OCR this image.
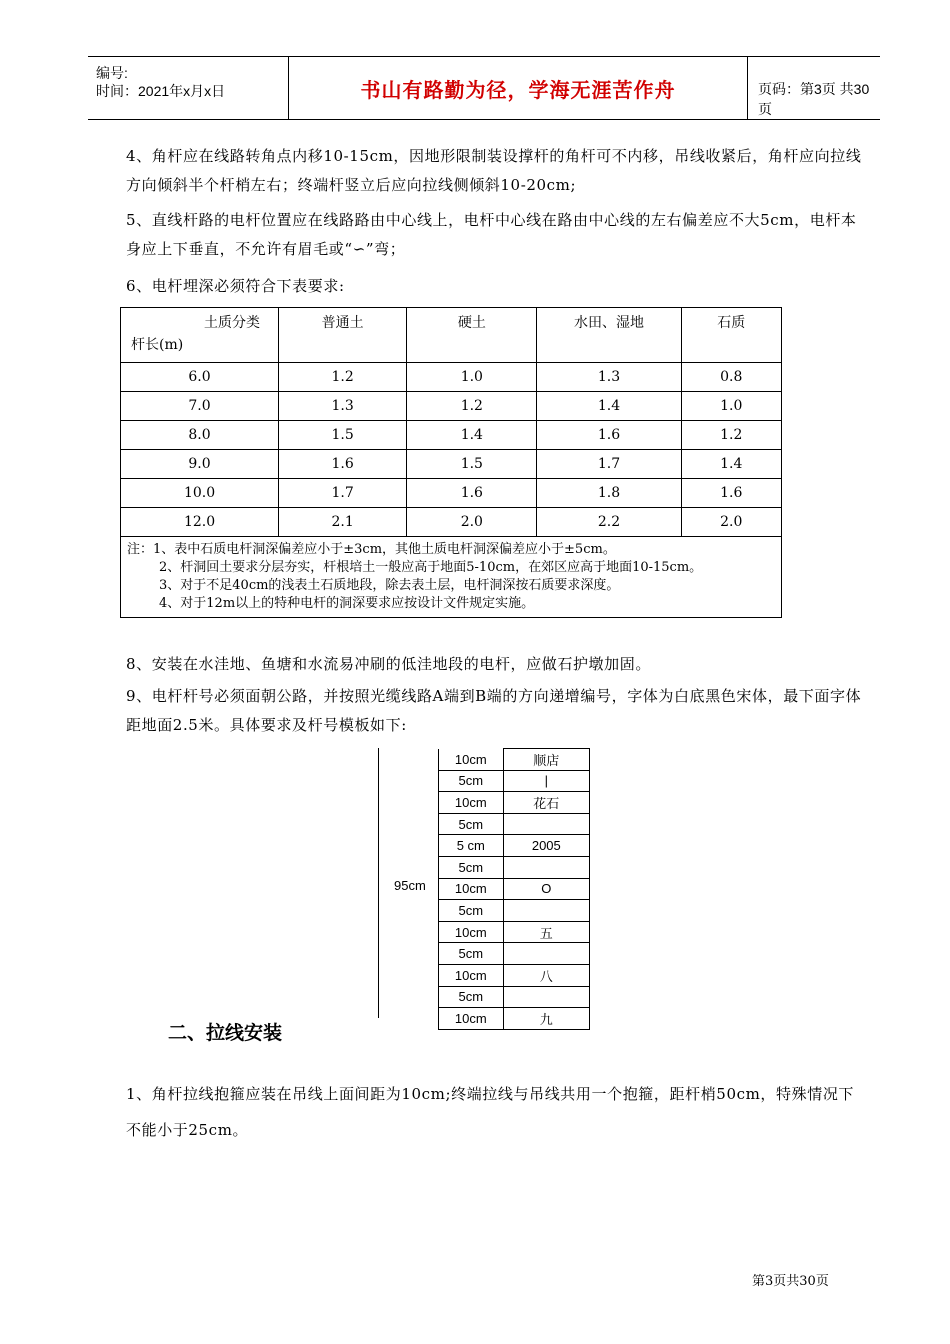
编号:
时间：2021年x月x日	书山有路勤为径，学海无涯苦作舟	页码：第3页 共30页
4、角杆应在线路转角点内移10-15cm，因地形限制装设撑杆的角杆可不内移，吊线收紧后，角杆应向拉线方向倾斜半个杆梢左右；终端杆竖立后应向拉线侧倾斜10-20cm;
5、直线杆路的电杆位置应在线路路由中心线上，电杆中心线在路由中心线的左右偏差应不大5cm，电杆本身应上下垂直，不允许有眉毛或“∽”弯；
6、电杆埋深必须符合下表要求:
土质分类
杆长(m)	普通土	硬土	水田、湿地	石质
6.0	1.2	1.0	1.3	0.8
7.0	1.3	1.2	1.4	1.0
8.0	1.5	1.4	1.6	1.2
9.0	1.6	1.5	1.7	1.4
10.0	1.7	1.6	1.8	1.6
12.0	2.1	2.0	2.2	2.0

注：1、表中石质电杆洞深偏差应小于±3cm，其他土质电杆洞深偏差应小于±5cm。
2、杆洞回土要求分层夯实，杆根培土一般应高于地面5-10cm，在郊区应高于地面10-15cm。
3、对于不足40cm的浅表土石质地段，除去表土层，电杆洞深按石质要求深度。
4、对于12m以上的特种电杆的洞深要求应按设计文件规定实施。				
8、安装在水洼地、鱼塘和水流易冲刷的低洼地段的电杆，应做石护墩加固。
9、电杆杆号必须面朝公路，并按照光缆线路A端到B端的方向递增编号，字体为白底黑色宋体，最下面字体距地面2.5米。具体要求及杆号模板如下:
95cm
10cm	顺店
5cm	|
10cm	花石
5cm	
5 cm	2005
5cm	
10cm	O
5cm	
10cm	五
5cm	
10cm	八
5cm	
10cm	九
二、拉线安装
1、角杆拉线抱箍应装在吊线上面间距为10cm;终端拉线与吊线共用一个抱箍，距杆梢50cm，特殊情况下不能小于25cm。
第3页共30页
